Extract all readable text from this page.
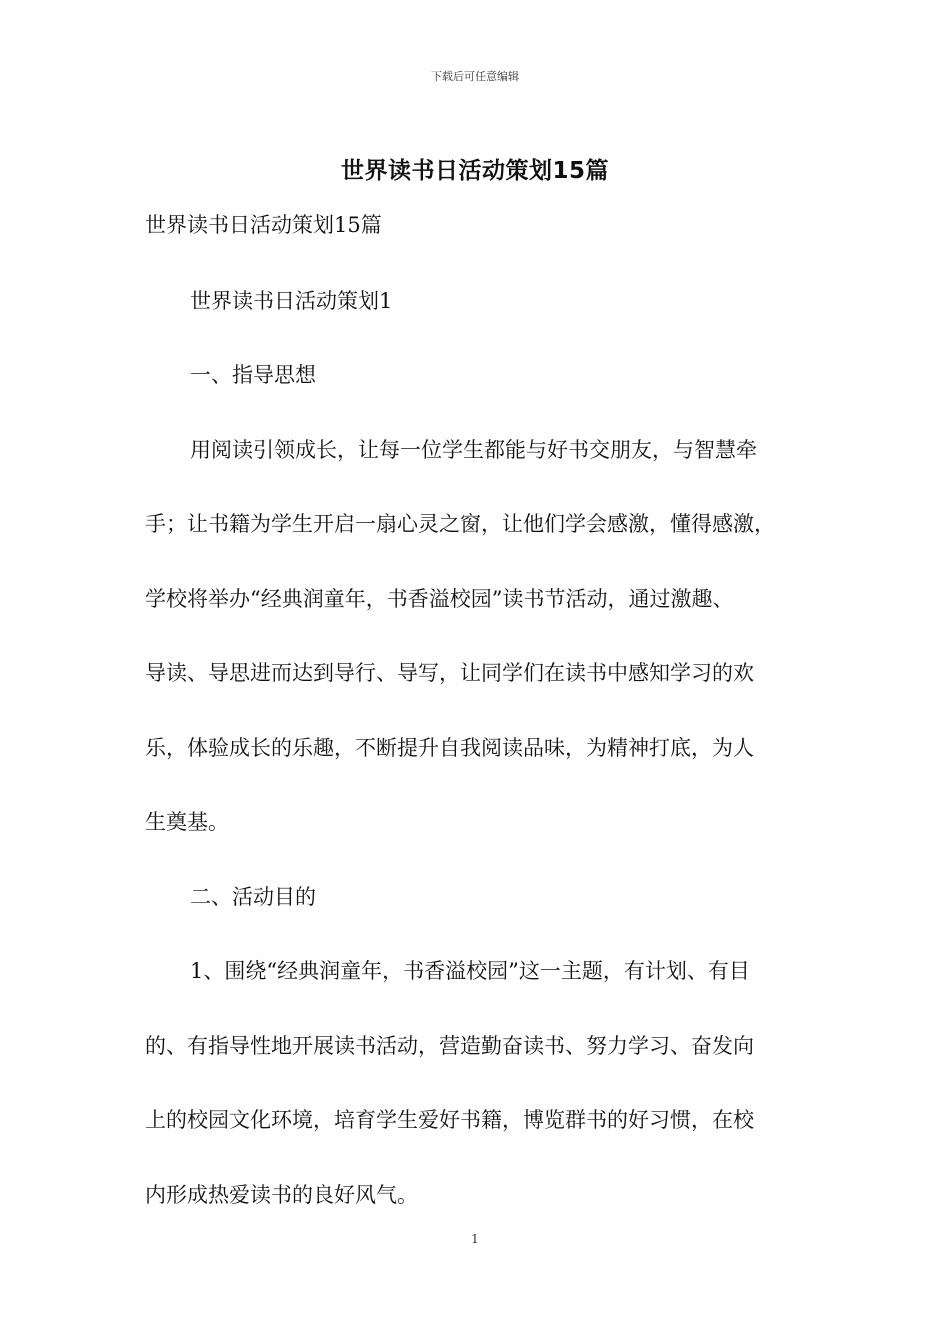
下载后可任意编辑
世界读书日活动策划15篇

世界读书日活动策划15篇

世界读书日活动策划1

一、指导思想

用阅读引领成长，让每一位学生都能与好书交朋友，与智慧牵

手；让书籍为学生开启一扇心灵之窗，让他们学会感激，懂得感激，

学校将举办“经典润童年，书香溢校园”读书节活动，通过激趣、

导读、导思进而达到导行、导写，让同学们在读书中感知学习的欢

乐，体验成长的乐趣，不断提升自我阅读品味，为精神打底，为人

生奠基。

二、活动目的

1、围绕“经典润童年，书香溢校园”这一主题，有计划、有目

的、有指导性地开展读书活动，营造勤奋读书、努力学习、奋发向

上的校园文化环境，培育学生爱好书籍，博览群书的好习惯，在校

内形成热爱读书的良好风气。

1
